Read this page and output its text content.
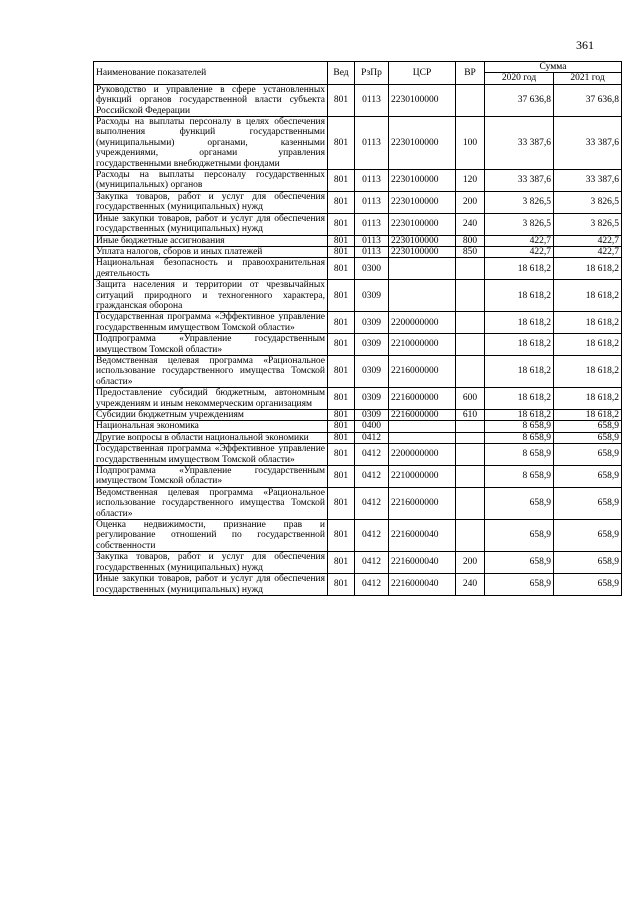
361
Наименование показателей	Вед	РзПр	ЦСР	ВР	Сумма	
					2020 год	2021 год
Руководство и управление в сфере установленных функций органов государственной власти субъекта Российской Федерации	801	0113	2230100000		37 636,8	37 636,8
Расходы на выплаты персоналу в целях обеспечения выполнения функций государственными (муниципальными) органами, казенными учреждениями, органами управления государственными внебюджетными фондами	801	0113	2230100000	100	33 387,6	33 387,6
Расходы на выплаты персоналу государственных (муниципальных) органов	801	0113	2230100000	120	33 387,6	33 387,6
Закупка товаров, работ и услуг для обеспечения государственных (муниципальных) нужд	801	0113	2230100000	200	3 826,5	3 826,5
Иные закупки товаров, работ и услуг для обеспечения государственных (муниципальных) нужд	801	0113	2230100000	240	3 826,5	3 826,5
Иные бюджетные ассигнования	801	0113	2230100000	800	422,7	422,7
Уплата налогов, сборов и иных платежей	801	0113	2230100000	850	422,7	422,7
Национальная безопасность и правоохранительная деятельность	801	0300			18 618,2	18 618,2
Защита населения и территории от чрезвычайных ситуаций природного и техногенного характера, гражданская оборона	801	0309			18 618,2	18 618,2
Государственная программа «Эффективное управление государственным имуществом Томской области»	801	0309	2200000000		18 618,2	18 618,2
Подпрограмма «Управление государственным имуществом Томской области»	801	0309	2210000000		18 618,2	18 618,2
Ведомственная целевая программа «Рациональное использование государственного имущества Томской области»	801	0309	2216000000		18 618,2	18 618,2
Предоставление субсидий бюджетным, автономным учреждениям и иным некоммерческим организациям	801	0309	2216000000	600	18 618,2	18 618,2
Субсидии бюджетным учреждениям	801	0309	2216000000	610	18 618,2	18 618,2
Национальная экономика	801	0400			8 658,9	658,9
Другие вопросы в области национальной экономики	801	0412			8 658,9	658,9
Государственная программа «Эффективное управление государственным имуществом Томской области»	801	0412	2200000000		8 658,9	658,9
Подпрограмма «Управление государственным имуществом Томской области»	801	0412	2210000000		8 658,9	658,9
Ведомственная целевая программа «Рациональное использование государственного имущества Томской области»	801	0412	2216000000		658,9	658,9
Оценка недвижимости, признание прав и регулирование отношений по государственной собственности	801	0412	2216000040		658,9	658,9
Закупка товаров, работ и услуг для обеспечения государственных (муниципальных) нужд	801	0412	2216000040	200	658,9	658,9
Иные закупки товаров, работ и услуг для обеспечения государственных (муниципальных) нужд	801	0412	2216000040	240	658,9	658,9
